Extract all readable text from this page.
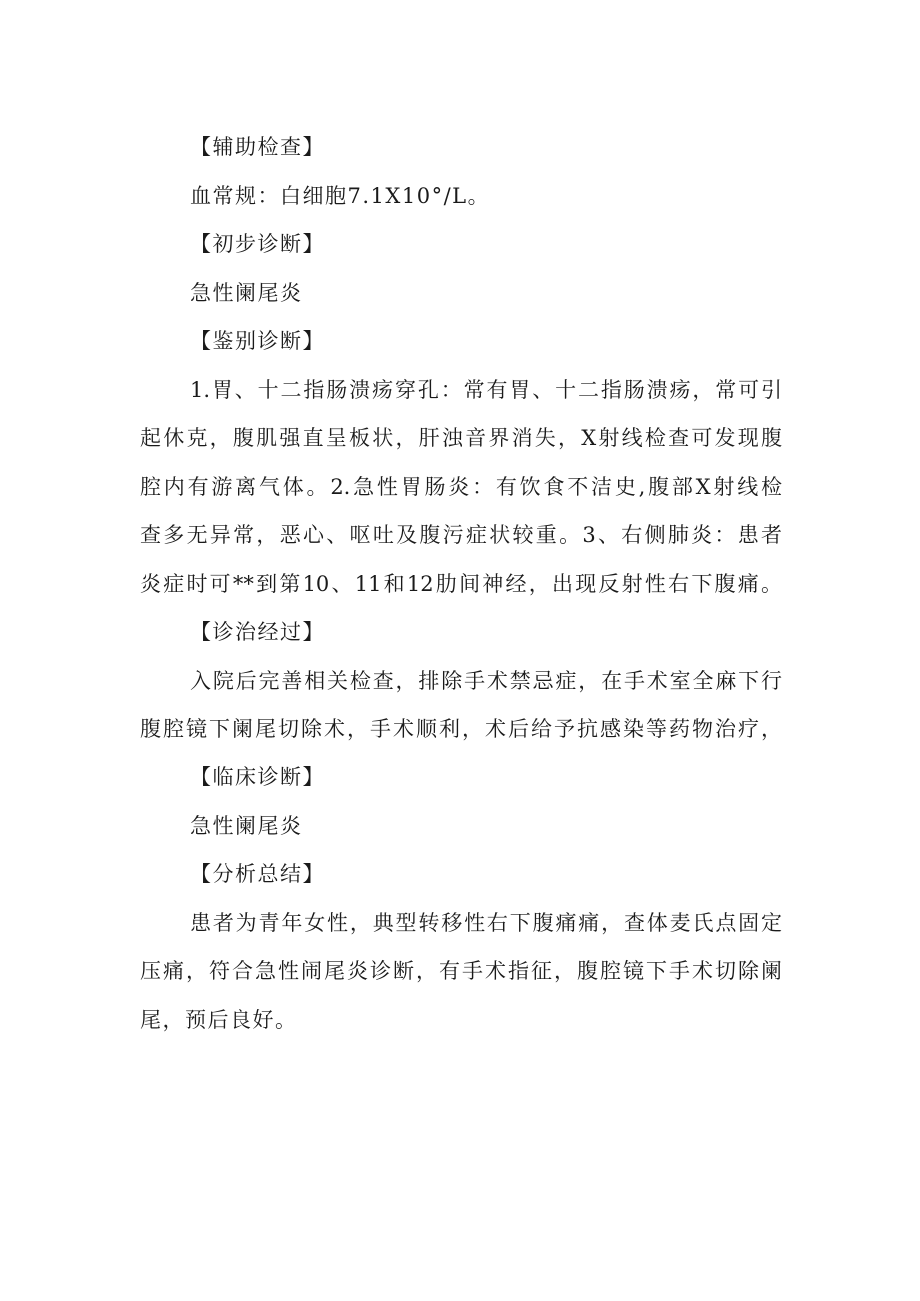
【辅助检查】
血常规：白细胞7.1X10°/L。
【初步诊断】
急性阑尾炎
【鉴别诊断】
1.胃、十二指肠溃疡穿孔：常有胃、十二指肠溃疡，常可引
起休克，腹肌强直呈板状，肝浊音界消失，X射线检查可发现腹
腔内有游离气体。2.急性胃肠炎：有饮食不洁史,腹部X射线检
查多无异常，恶心、呕吐及腹污症状较重。3、右侧肺炎：患者
炎症时可**到第10、11和12肋间神经，出现反射性右下腹痛。
【诊治经过】
入院后完善相关检查，排除手术禁忌症，在手术室全麻下行
腹腔镜下阑尾切除术，手术顺利，术后给予抗感染等药物治疗，
【临床诊断】
急性阑尾炎
【分析总结】
患者为青年女性，典型转移性右下腹痛痛，查体麦氏点固定
压痛，符合急性闹尾炎诊断，有手术指征，腹腔镜下手术切除阑
尾，预后良好。
